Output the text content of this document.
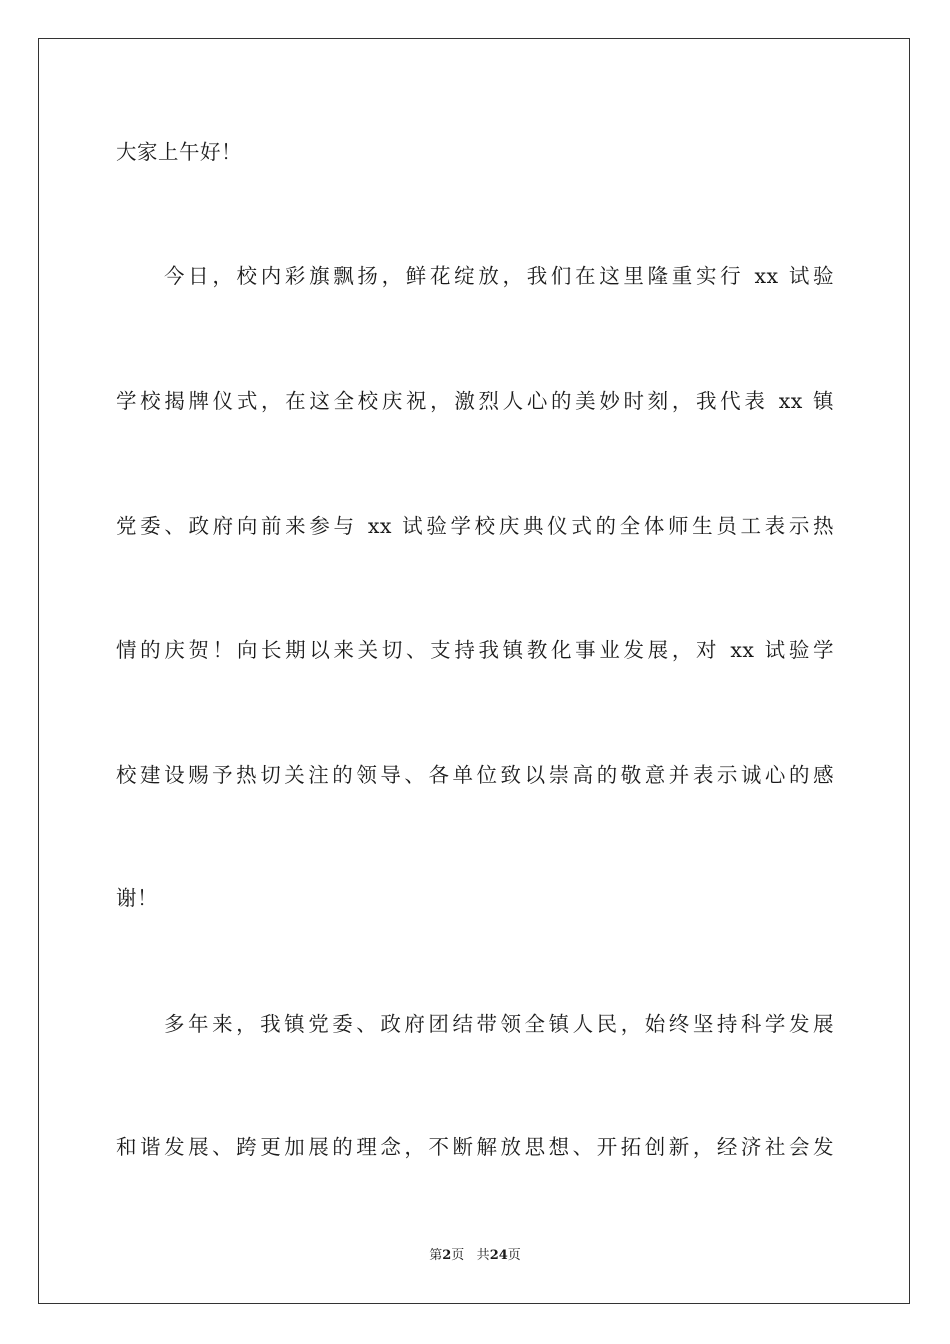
大家上午好！
今日，校内彩旗飘扬，鲜花绽放，我们在这里隆重实行 xx 试验
学校揭牌仪式，在这全校庆祝，激烈人心的美妙时刻，我代表 xx 镇
党委、政府向前来参与 xx 试验学校庆典仪式的全体师生员工表示热
情的庆贺！向长期以来关切、支持我镇教化事业发展，对 xx 试验学
校建设赐予热切关注的领导、各单位致以崇高的敬意并表示诚心的感
谢！
多年来，我镇党委、政府团结带领全镇人民，始终坚持科学发展
和谐发展、跨更加展的理念，不断解放思想、开拓创新，经济社会发
第2页 共24页
